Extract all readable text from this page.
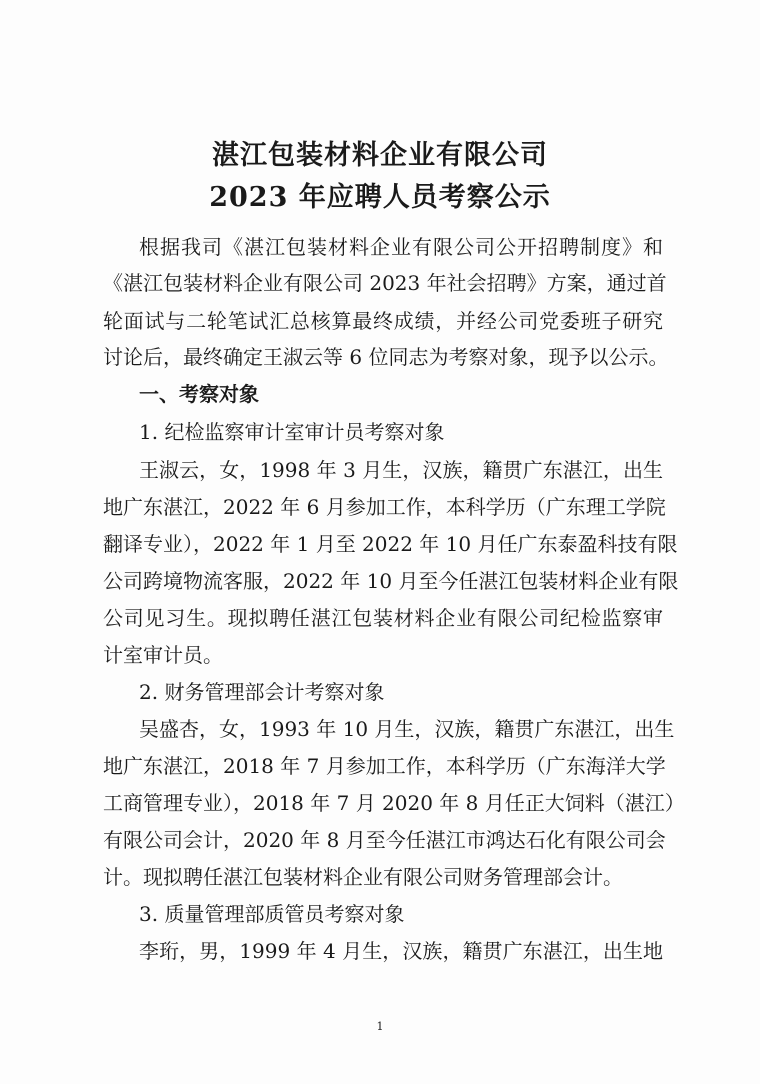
湛江包装材料企业有限公司
2023 年应聘人员考察公示
根据我司《湛江包装材料企业有限公司公开招聘制度》和
《湛江包装材料企业有限公司 2023 年社会招聘》方案，通过首
轮面试与二轮笔试汇总核算最终成绩，并经公司党委班子研究
讨论后，最终确定王淑云等 6 位同志为考察对象，现予以公示。
一、考察对象
1. 纪检监察审计室审计员考察对象
王淑云，女，1998 年 3 月生，汉族，籍贯广东湛江，出生
地广东湛江，2022 年 6 月参加工作，本科学历（广东理工学院
翻译专业），2022 年 1 月至 2022 年 10 月任广东泰盈科技有限
公司跨境物流客服，2022 年 10 月至今任湛江包装材料企业有限
公司见习生。现拟聘任湛江包装材料企业有限公司纪检监察审
计室审计员。
2. 财务管理部会计考察对象
吴盛杏，女，1993 年 10 月生，汉族，籍贯广东湛江，出生
地广东湛江，2018 年 7 月参加工作，本科学历（广东海洋大学
工商管理专业），2018 年 7 月 2020 年 8 月任正大饲料（湛江）
有限公司会计，2020 年 8 月至今任湛江市鸿达石化有限公司会
计。现拟聘任湛江包装材料企业有限公司财务管理部会计。
3. 质量管理部质管员考察对象
李珩，男，1999 年 4 月生，汉族，籍贯广东湛江，出生地
1
